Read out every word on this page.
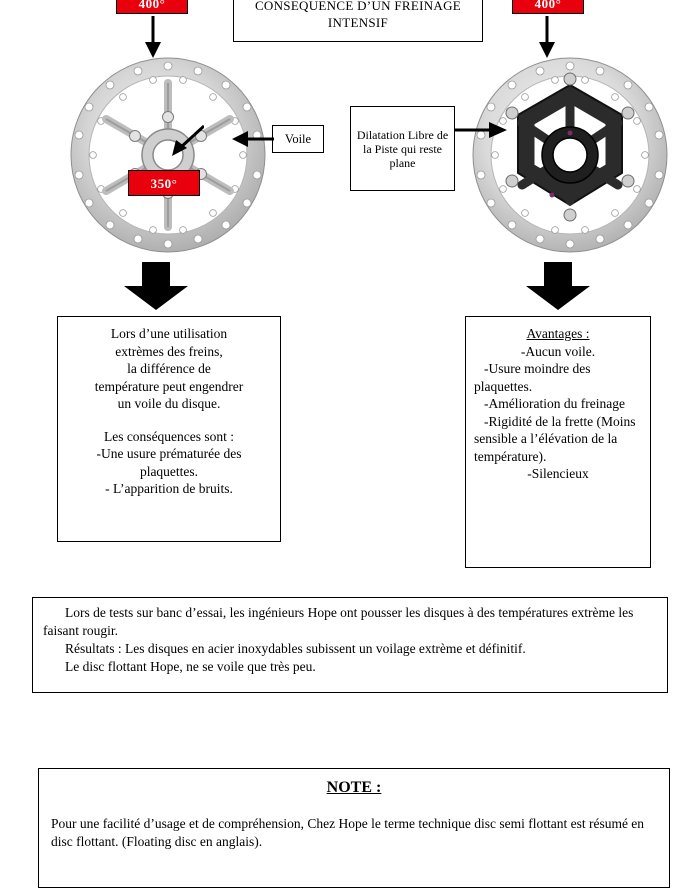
CONSEQUENCE D’UN FREINAGE INTENSIF
400°	400°
Voile
350°
Dilatation Libre de la Piste qui reste plane

Lors d’une utilisation

extrèmes des freins,

la différence de

température peut engendrer

un voile du disque.

Les conséquences sont :

-Une usure prématurée des

plaquettes.

- L’apparition de bruits.

Avantages :

-Aucun voile.

-Usure moindre des plaquettes.

-Amélioration du freinage

-Rigidité de la frette (Moins sensible a l’élévation de la température).

-Silencieux

Lors de tests sur banc d’essai, les ingénieurs Hope ont pousser les disques à des températures extrème les faisant rougir.

Résultats : Les disques en acier inoxydables subissent un voilage extrème et définitif.

Le disc flottant Hope, ne se voile que très peu.

NOTE :

Pour une facilité d’usage et de compréhension, Chez Hope le terme technique disc semi flottant est résumé en disc flottant. (Floating disc en anglais).
